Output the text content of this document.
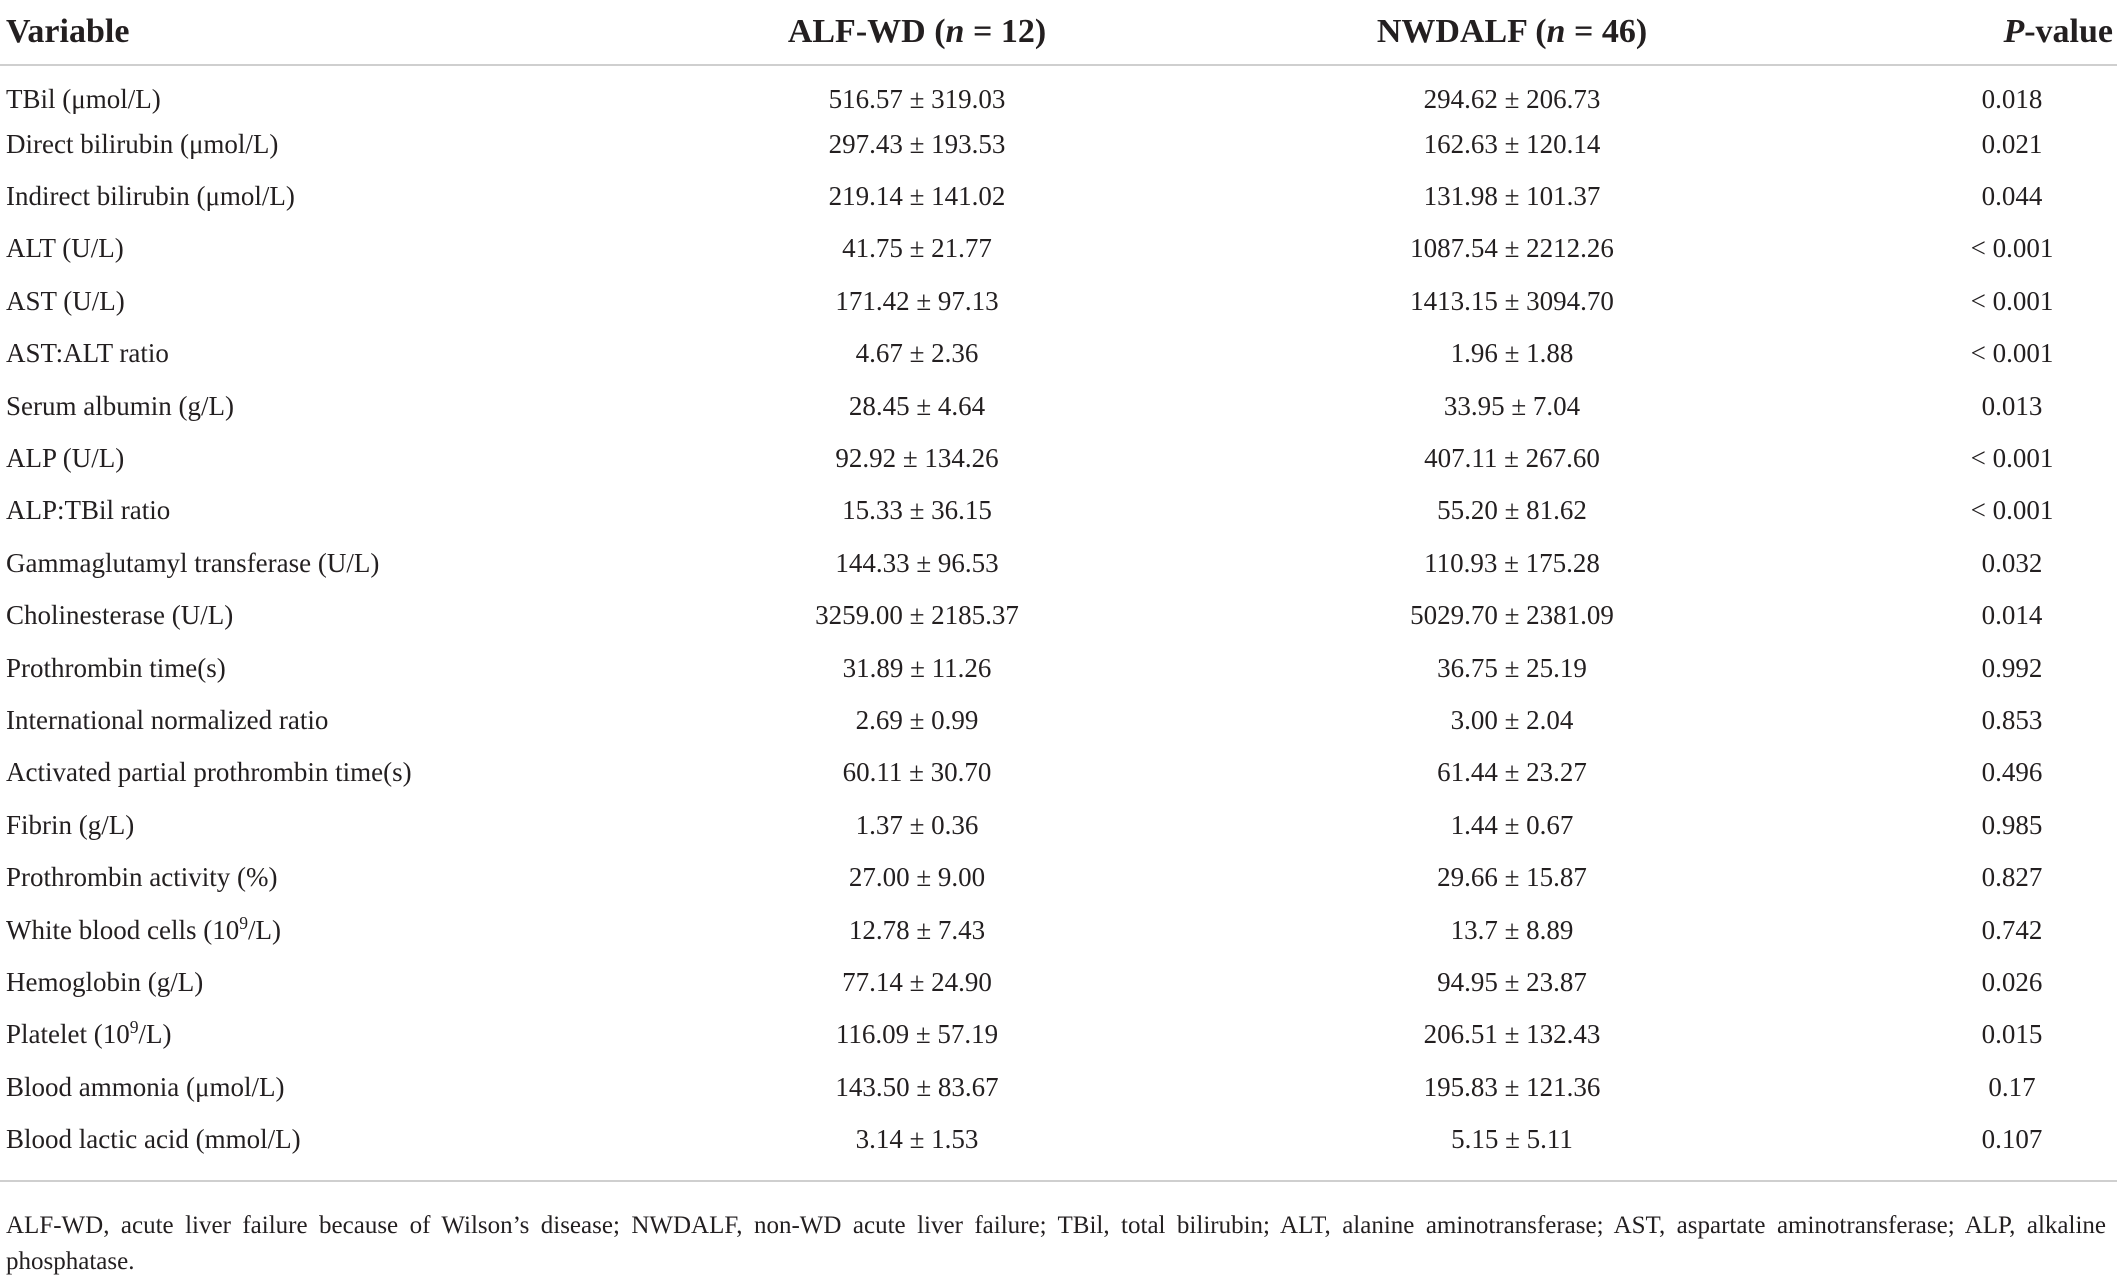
Variable	ALF-WD (n = 12)	NWDALF (n = 46)	P-value
TBil (μmol/L)	516.57 ± 319.03	294.62 ± 206.73	0.018
Direct bilirubin (μmol/L)	297.43 ± 193.53	162.63 ± 120.14	0.021
Indirect bilirubin (μmol/L)	219.14 ± 141.02	131.98 ± 101.37	0.044
ALT (U/L)	41.75 ± 21.77	1087.54 ± 2212.26	< 0.001
AST (U/L)	171.42 ± 97.13	1413.15 ± 3094.70	< 0.001
AST:ALT ratio	4.67 ± 2.36	1.96 ± 1.88	< 0.001
Serum albumin (g/L)	28.45 ± 4.64	33.95 ± 7.04	0.013
ALP (U/L)	92.92 ± 134.26	407.11 ± 267.60	< 0.001
ALP:TBil ratio	15.33 ± 36.15	55.20 ± 81.62	< 0.001
Gammaglutamyl transferase (U/L)	144.33 ± 96.53	110.93 ± 175.28	0.032
Cholinesterase (U/L)	3259.00 ± 2185.37	5029.70 ± 2381.09	0.014
Prothrombin time(s)	31.89 ± 11.26	36.75 ± 25.19	0.992
International normalized ratio	2.69 ± 0.99	3.00 ± 2.04	0.853
Activated partial prothrombin time(s)	60.11 ± 30.70	61.44 ± 23.27	0.496
Fibrin (g/L)	1.37 ± 0.36	1.44 ± 0.67	0.985
Prothrombin activity (%)	27.00 ± 9.00	29.66 ± 15.87	0.827
White blood cells $(10^9/L)$	12.78 ± 7.43	13.7 ± 8.89	0.742
Hemoglobin (g/L)	77.14 ± 24.90	94.95 ± 23.87	0.026
Platelet $(10^9/L)$	116.09 ± 57.19	206.51 ± 132.43	0.015
Blood ammonia (μmol/L)	143.50 ± 83.67	195.83 ± 121.36	0.17
Blood lactic acid (mmol/L)	3.14 ± 1.53	5.15 ± 5.11	0.107
ALF-WD, acute liver failure because of Wilson’s disease; NWDALF, non-WD acute liver failure; TBil, total bilirubin; ALT, alanine aminotransferase; AST, aspartate aminotransferase; ALP, alkaline phosphatase.
